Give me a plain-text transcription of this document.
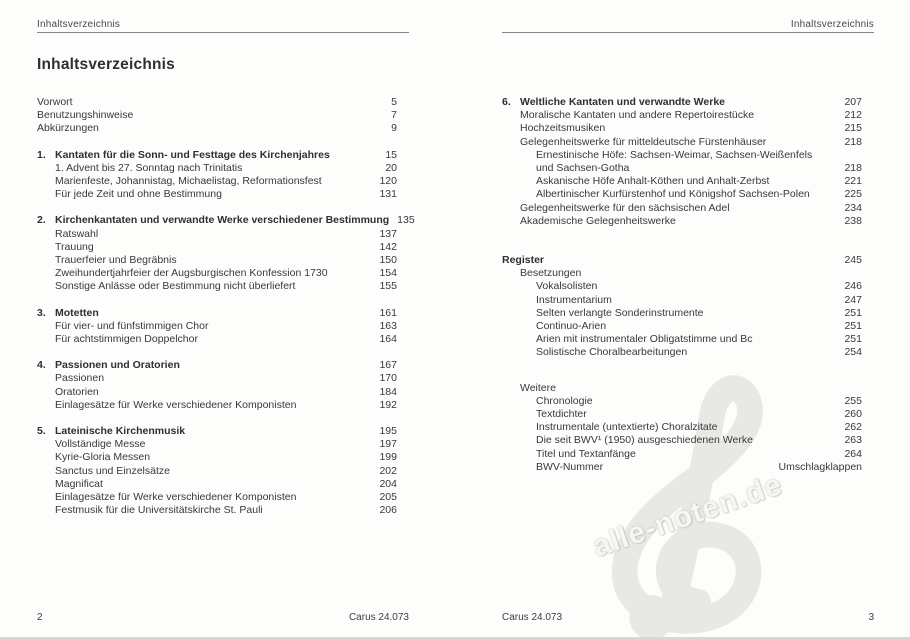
alle-noten.de
Inhaltsverzeichnis
Inhaltsverzeichnis
Vorwort	5
Benutzungshinweise	7
Abkürzungen	9
1. Kantaten für die Sonn- und Festtage des Kirchenjahres	15
1. Advent bis 27. Sonntag nach Trinitatis	20
Marienfeste, Johannistag, Michaelistag, Reformationsfest	120
Für jede Zeit und ohne Bestimmung	131
2. Kirchenkantaten und verwandte Werke verschiedener Bestimmung 135
Ratswahl	137
Trauung	142
Trauerfeier und Begräbnis	150
Zweihundertjahrfeier der Augsburgischen Konfession 1730	154
Sonstige Anlässe oder Bestimmung nicht überliefert	155
3. Motetten	161
Für vier- und fünfstimmigen Chor	163
Für achtstimmigen Doppelchor	164
4. Passionen und Oratorien	167
Passionen	170
Oratorien	184
Einlagesätze für Werke verschiedener Komponisten	192
5. Lateinische Kirchenmusik	195
Vollständige Messe	197
Kyrie-Gloria Messen	199
Sanctus und Einzelsätze	202
Magnificat	204
Einlagesätze für Werke verschiedener Komponisten	205
Festmusik für die Universitätskirche St. Pauli	206
2	Carus 24.073
Inhaltsverzeichnis
6. Weltliche Kantaten und verwandte Werke	207
Moralische Kantaten und andere Repertoirestücke	212
Hochzeitsmusiken	215
Gelegenheitswerke für mitteldeutsche Fürstenhäuser	218
Ernestinische Höfe: Sachsen-Weimar, Sachsen-Weißenfels
und Sachsen-Gotha	218
Askanische Höfe Anhalt-Köthen und Anhalt-Zerbst	221
Albertinischer Kurfürstenhof und Königshof Sachsen-Polen	225
Gelegenheitswerke für den sächsischen Adel	234
Akademische Gelegenheitswerke	238
Register	245
Besetzungen
Vokalsolisten	246
Instrumentarium	247
Selten verlangte Sonderinstrumente	251
Continuo-Arien	251
Arien mit instrumentaler Obligatstimme und Bc	251
Solistische Choralbearbeitungen	254
Weitere
Chronologie	255
Textdichter	260
Instrumentale (untextierte) Choralzitate	262
Die seit BWV¹ (1950) ausgeschiedenen Werke	263
Titel und Textanfänge	264
BWV-Nummer	Umschlagklappen
Carus 24.073	3
